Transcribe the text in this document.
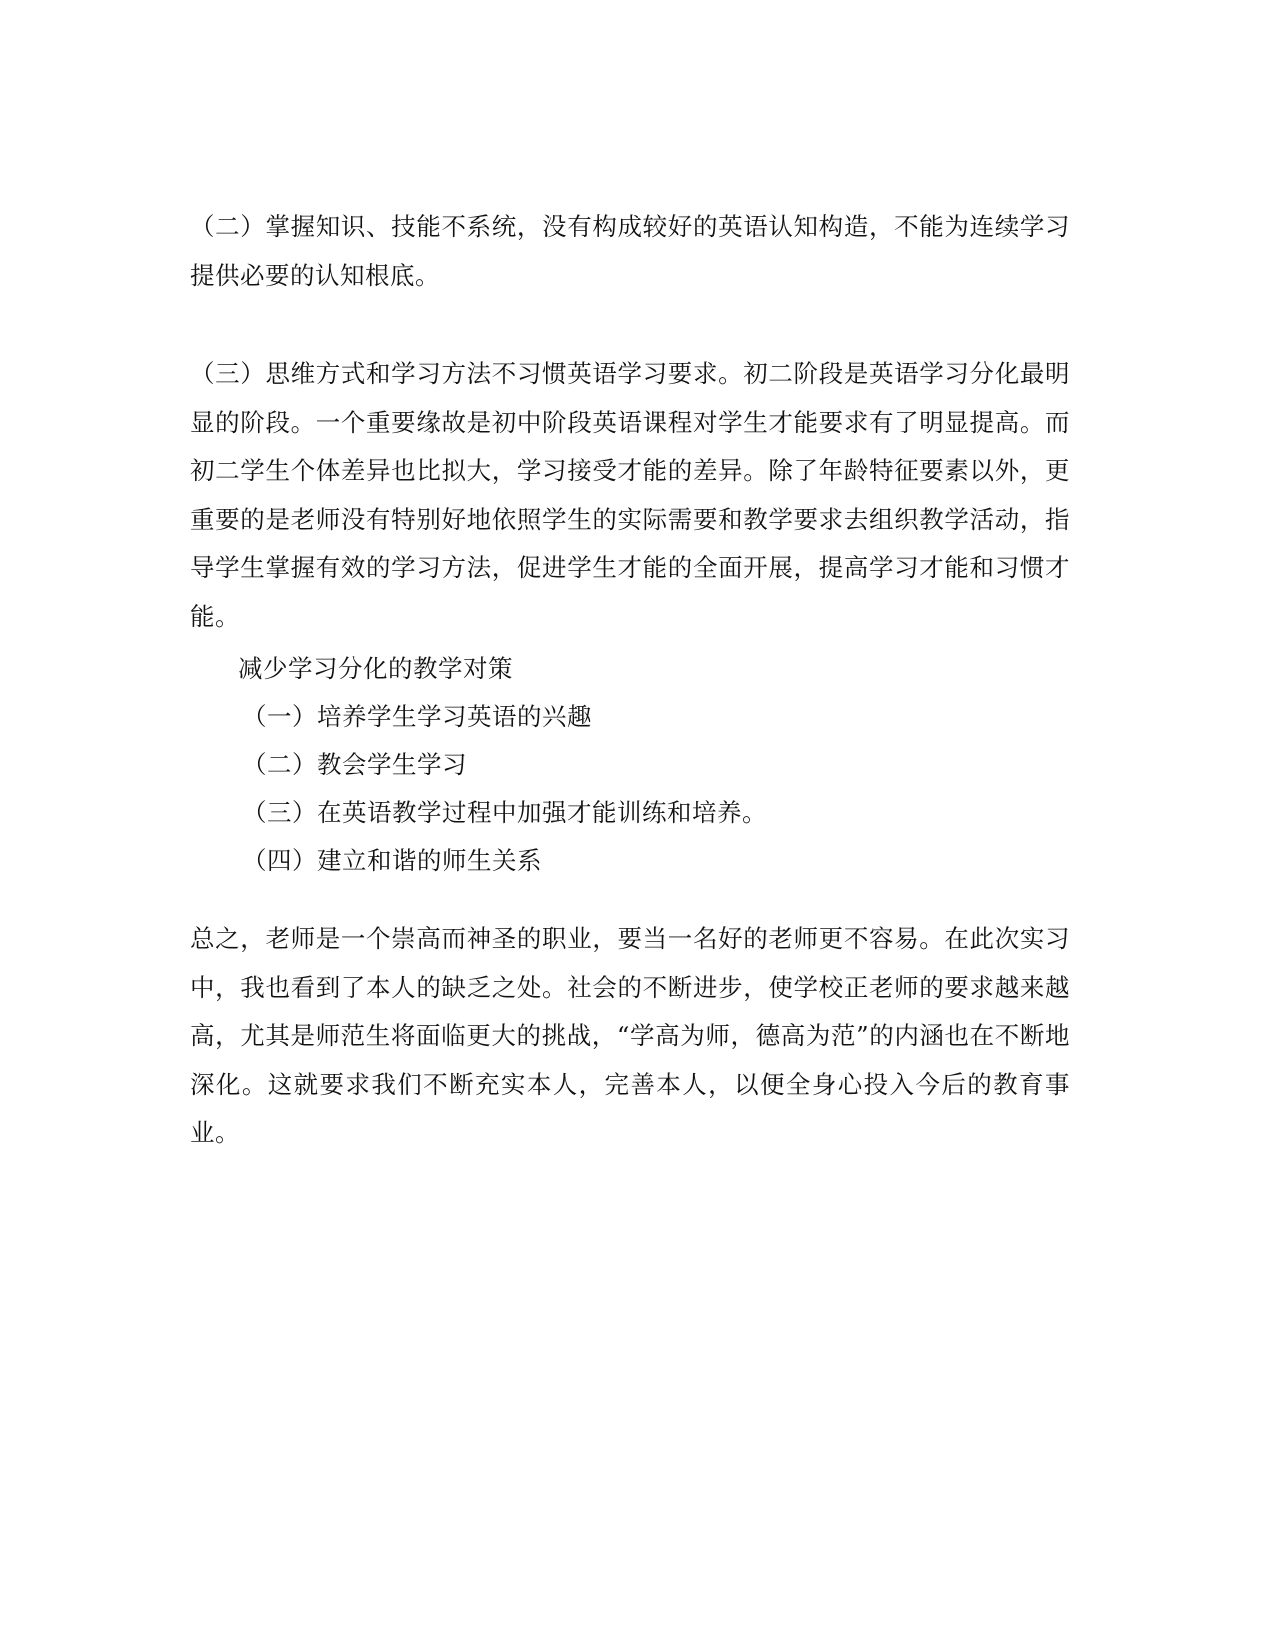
（二）掌握知识、技能不系统，没有构成较好的英语认知构造，不能为连续学习提供必要的认知根底。

（三）思维方式和学习方法不习惯英语学习要求。初二阶段是英语学习分化最明显的阶段。一个重要缘故是初中阶段英语课程对学生才能要求有了明显提高。而初二学生个体差异也比拟大，学习接受才能的差异。除了年龄特征要素以外，更重要的是老师没有特别好地依照学生的实际需要和教学要求去组织教学活动，指导学生掌握有效的学习方法，促进学生才能的全面开展，提高学习才能和习惯才能。

减少学习分化的教学对策

（一）培养学生学习英语的兴趣
（二）教会学生学习
（三）在英语教学过程中加强才能训练和培养。
（四）建立和谐的师生关系

总之，老师是一个崇高而神圣的职业，要当一名好的老师更不容易。在此次实习中，我也看到了本人的缺乏之处。社会的不断进步，使学校正老师的要求越来越高，尤其是师范生将面临更大的挑战，“学高为师，德高为范”的内涵也在不断地深化。这就要求我们不断充实本人，完善本人，以便全身心投入今后的教育事业。
